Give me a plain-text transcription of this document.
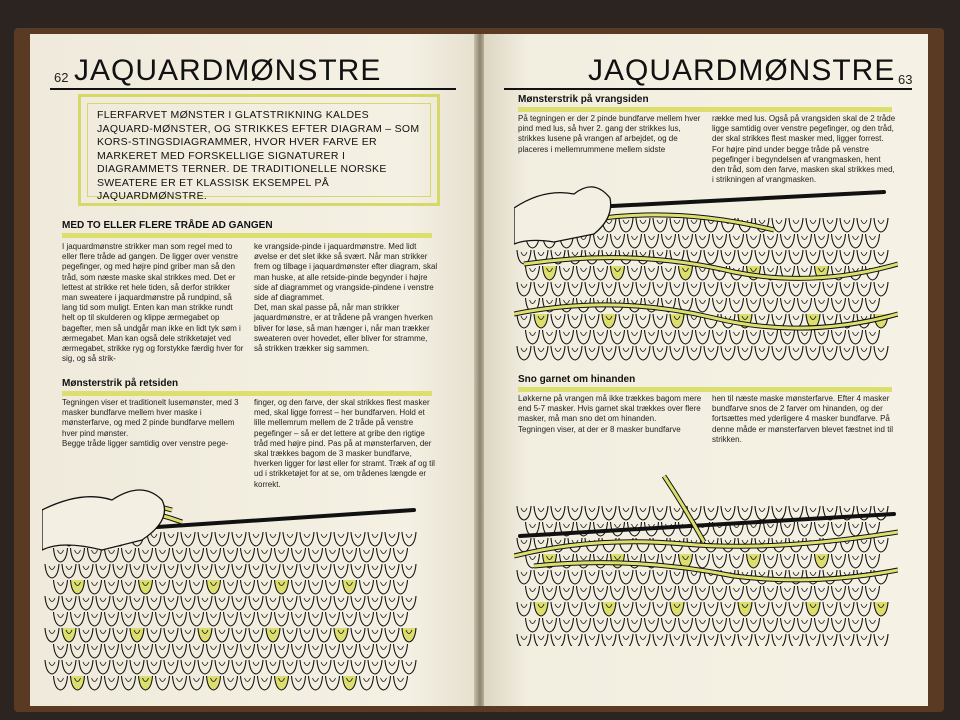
62 JAQUARDMØNSTRE
FLERFARVET MØNSTER I GLATSTRIKNING KALDES JAQUARD-MØNSTER, OG STRIKKES EFTER DIAGRAM – SOM KORS-STINGSDIAGRAMMER, HVOR HVER FARVE ER MARKERET MED FORSKELLIGE SIGNATURER I DIAGRAMMETS TERNER. DE TRADITIONELLE NORSKE SWEATERE ER ET KLASSISK EKSEMPEL PÅ JAQUARDMØNSTRE.
MED TO ELLER FLERE TRÅDE AD GANGEN
I jaquardmønstre strikker man som regel med to eller flere tråde ad gangen. De ligger over venstre pegefinger, og med højre pind griber man så den tråd, som næste maske skal strikkes med. Det er lettest at strikke ret hele tiden, så derfor strikker man sweatere i jaquardmønstre på rundpind, så lang tid som muligt. Enten kan man strikke rundt helt op til skulderen og klippe ærmegabet op bagefter, men så undgår man ikke en lidt tyk søm i ærmegabet. Man kan også dele strikketøjet ved ærmegabet, strikke ryg og forstykke færdig hver for sig, og så strik-
ke vrangside-pinde i jaquardmønstre. Med lidt øvelse er det slet ikke så svært. Når man strikker frem og tilbage i jaquardmønster efter diagram, skal man huske, at alle retside-pinde begynder i højre side af diagrammet og vrangside-pindene i venstre side af diagrammet.
Det, man skal passe på, når man strikker jaquardmønstre, er at trådene på vrangen hverken bliver for løse, så man hænger i, når man trækker sweateren over hovedet, eller bliver for stramme, så strikken trækker sig sammen.
Mønsterstrik på retsiden
Tegningen viser et traditionelt lusemønster, med 3 masker bundfarve mellem hver maske i mønsterfarve, og med 2 pinde bundfarve mellem hver pind mønster.
Begge tråde ligger samtidig over venstre pege-
finger, og den farve, der skal strikkes flest masker med, skal ligge forrest – her bundfarven. Hold et lille mellemrum mellem de 2 tråde på venstre pegefinger – så er det lettere at gribe den rigtige tråd med højre pind. Pas på at mønsterfarven, der skal trækkes bagom de 3 masker bundfarve, hverken ligger for løst eller for stramt. Træk af og til ud i strikketøjet for at se, om trådenes længde er korrekt.
JAQUARDMØNSTRE 63
Mønsterstrik på vrangsiden
På tegningen er der 2 pinde bundfarve mellem hver pind med lus, så hver 2. gang der strikkes lus, strikkes lusene på vrangen af arbejdet, og de placeres i mellemrummene mellem sidste
række med lus. Også på vrangsiden skal de 2 tråde ligge samtidig over venstre pegefinger, og den tråd, der skal strikkes flest masker med, ligger forrest. For højre pind under begge tråde på venstre pegefinger i begyndelsen af vrangmasken, hent den tråd, som den farve, masken skal strikkes med, i strikningen af vrangmasken.
Sno garnet om hinanden
Løkkerne på vrangen må ikke trækkes bagom mere end 5-7 masker. Hvis garnet skal trækkes over flere masker, må man sno det om hinanden.
Tegningen viser, at der er 8 masker bundfarve
hen til næste maske mønsterfarve. Efter 4 masker bundfarve snos de 2 farver om hinanden, og der fortsættes med yderligere 4 masker bundfarve. På denne måde er mønsterfarven blevet fæstnet ind til strikken.
